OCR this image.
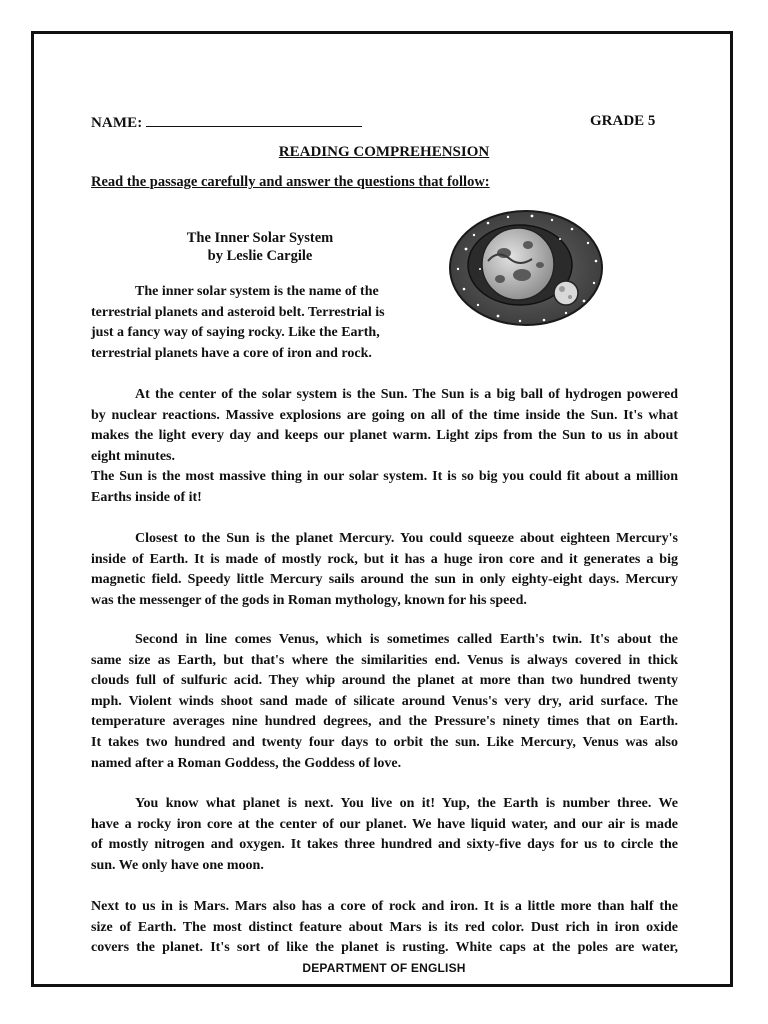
NAME:	GRADE 5
READING COMPREHENSION
Read the passage carefully and answer the questions that follow:
The Inner Solar System
by Leslie Cargile
The inner solar system is the name of the
terrestrial planets and asteroid belt. Terrestrial is
just a fancy way of saying rocky. Like the Earth,
terrestrial planets have a core of iron and rock.
At the center of the solar system is the Sun. The Sun is a big ball of hydrogen powered
by nuclear reactions. Massive explosions are going on all of the time inside the Sun. It's what
makes the light every day and keeps our planet warm. Light zips from the Sun to us in about
eight minutes.
The Sun is the most massive thing in our solar system. It is so big you could fit about a million
Earths inside of it!
Closest to the Sun is the planet Mercury. You could squeeze about eighteen Mercury's
inside of Earth. It is made of mostly rock, but it has a huge iron core and it generates a big
magnetic field. Speedy little Mercury sails around the sun in only eighty-eight days. Mercury
was the messenger of the gods in Roman mythology, known for his speed.
Second in line comes Venus, which is sometimes called Earth's twin. It's about the
same size as Earth, but that's where the similarities end. Venus is always covered in thick
clouds full of sulfuric acid. They whip around the planet at more than two hundred twenty
mph. Violent winds shoot sand made of silicate around Venus's very dry, arid surface. The
temperature averages nine hundred degrees, and the Pressure's ninety times that on Earth.
It takes two hundred and twenty four days to orbit the sun. Like Mercury, Venus was also
named after a Roman Goddess, the Goddess of love.
You know what planet is next. You live on it! Yup, the Earth is number three. We
have a rocky iron core at the center of our planet. We have liquid water, and our air is made
of mostly nitrogen and oxygen. It takes three hundred and sixty-five days for us to circle the
sun. We only have one moon.
Next to us in is Mars. Mars also has a core of rock and iron. It is a little more than half the
size of Earth. The most distinct feature about Mars is its red color. Dust rich in iron oxide
covers the planet. It's sort of like the planet is rusting. White caps at the poles are water,
DEPARTMENT OF ENGLISH
